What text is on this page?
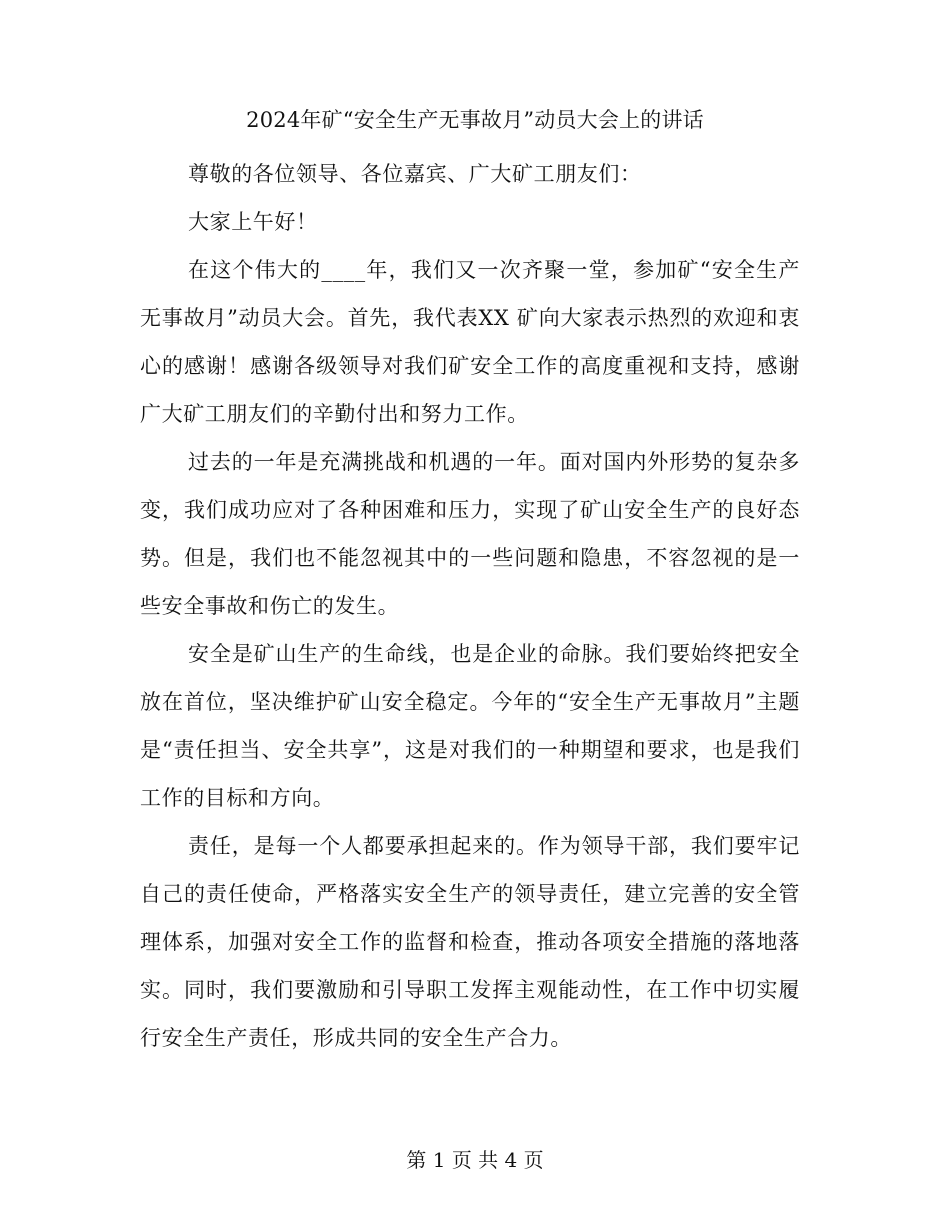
2024年矿“安全生产无事故月”动员大会上的讲话

尊敬的各位领导、各位嘉宾、广大矿工朋友们：

大家上午好！

在这个伟大的____年，我们又一次齐聚一堂，参加矿“安全生产无事故月”动员大会。首先，我代表XX 矿向大家表示热烈的欢迎和衷心的感谢！感谢各级领导对我们矿安全工作的高度重视和支持，感谢广大矿工朋友们的辛勤付出和努力工作。

过去的一年是充满挑战和机遇的一年。面对国内外形势的复杂多变，我们成功应对了各种困难和压力，实现了矿山安全生产的良好态势。但是，我们也不能忽视其中的一些问题和隐患，不容忽视的是一些安全事故和伤亡的发生。

安全是矿山生产的生命线，也是企业的命脉。我们要始终把安全放在首位，坚决维护矿山安全稳定。今年的“安全生产无事故月”主题是“责任担当、安全共享”，这是对我们的一种期望和要求，也是我们工作的目标和方向。

责任，是每一个人都要承担起来的。作为领导干部，我们要牢记自己的责任使命，严格落实安全生产的领导责任，建立完善的安全管理体系，加强对安全工作的监督和检查，推动各项安全措施的落地落实。同时，我们要激励和引导职工发挥主观能动性，在工作中切实履行安全生产责任，形成共同的安全生产合力。

第 1 页 共 4 页
